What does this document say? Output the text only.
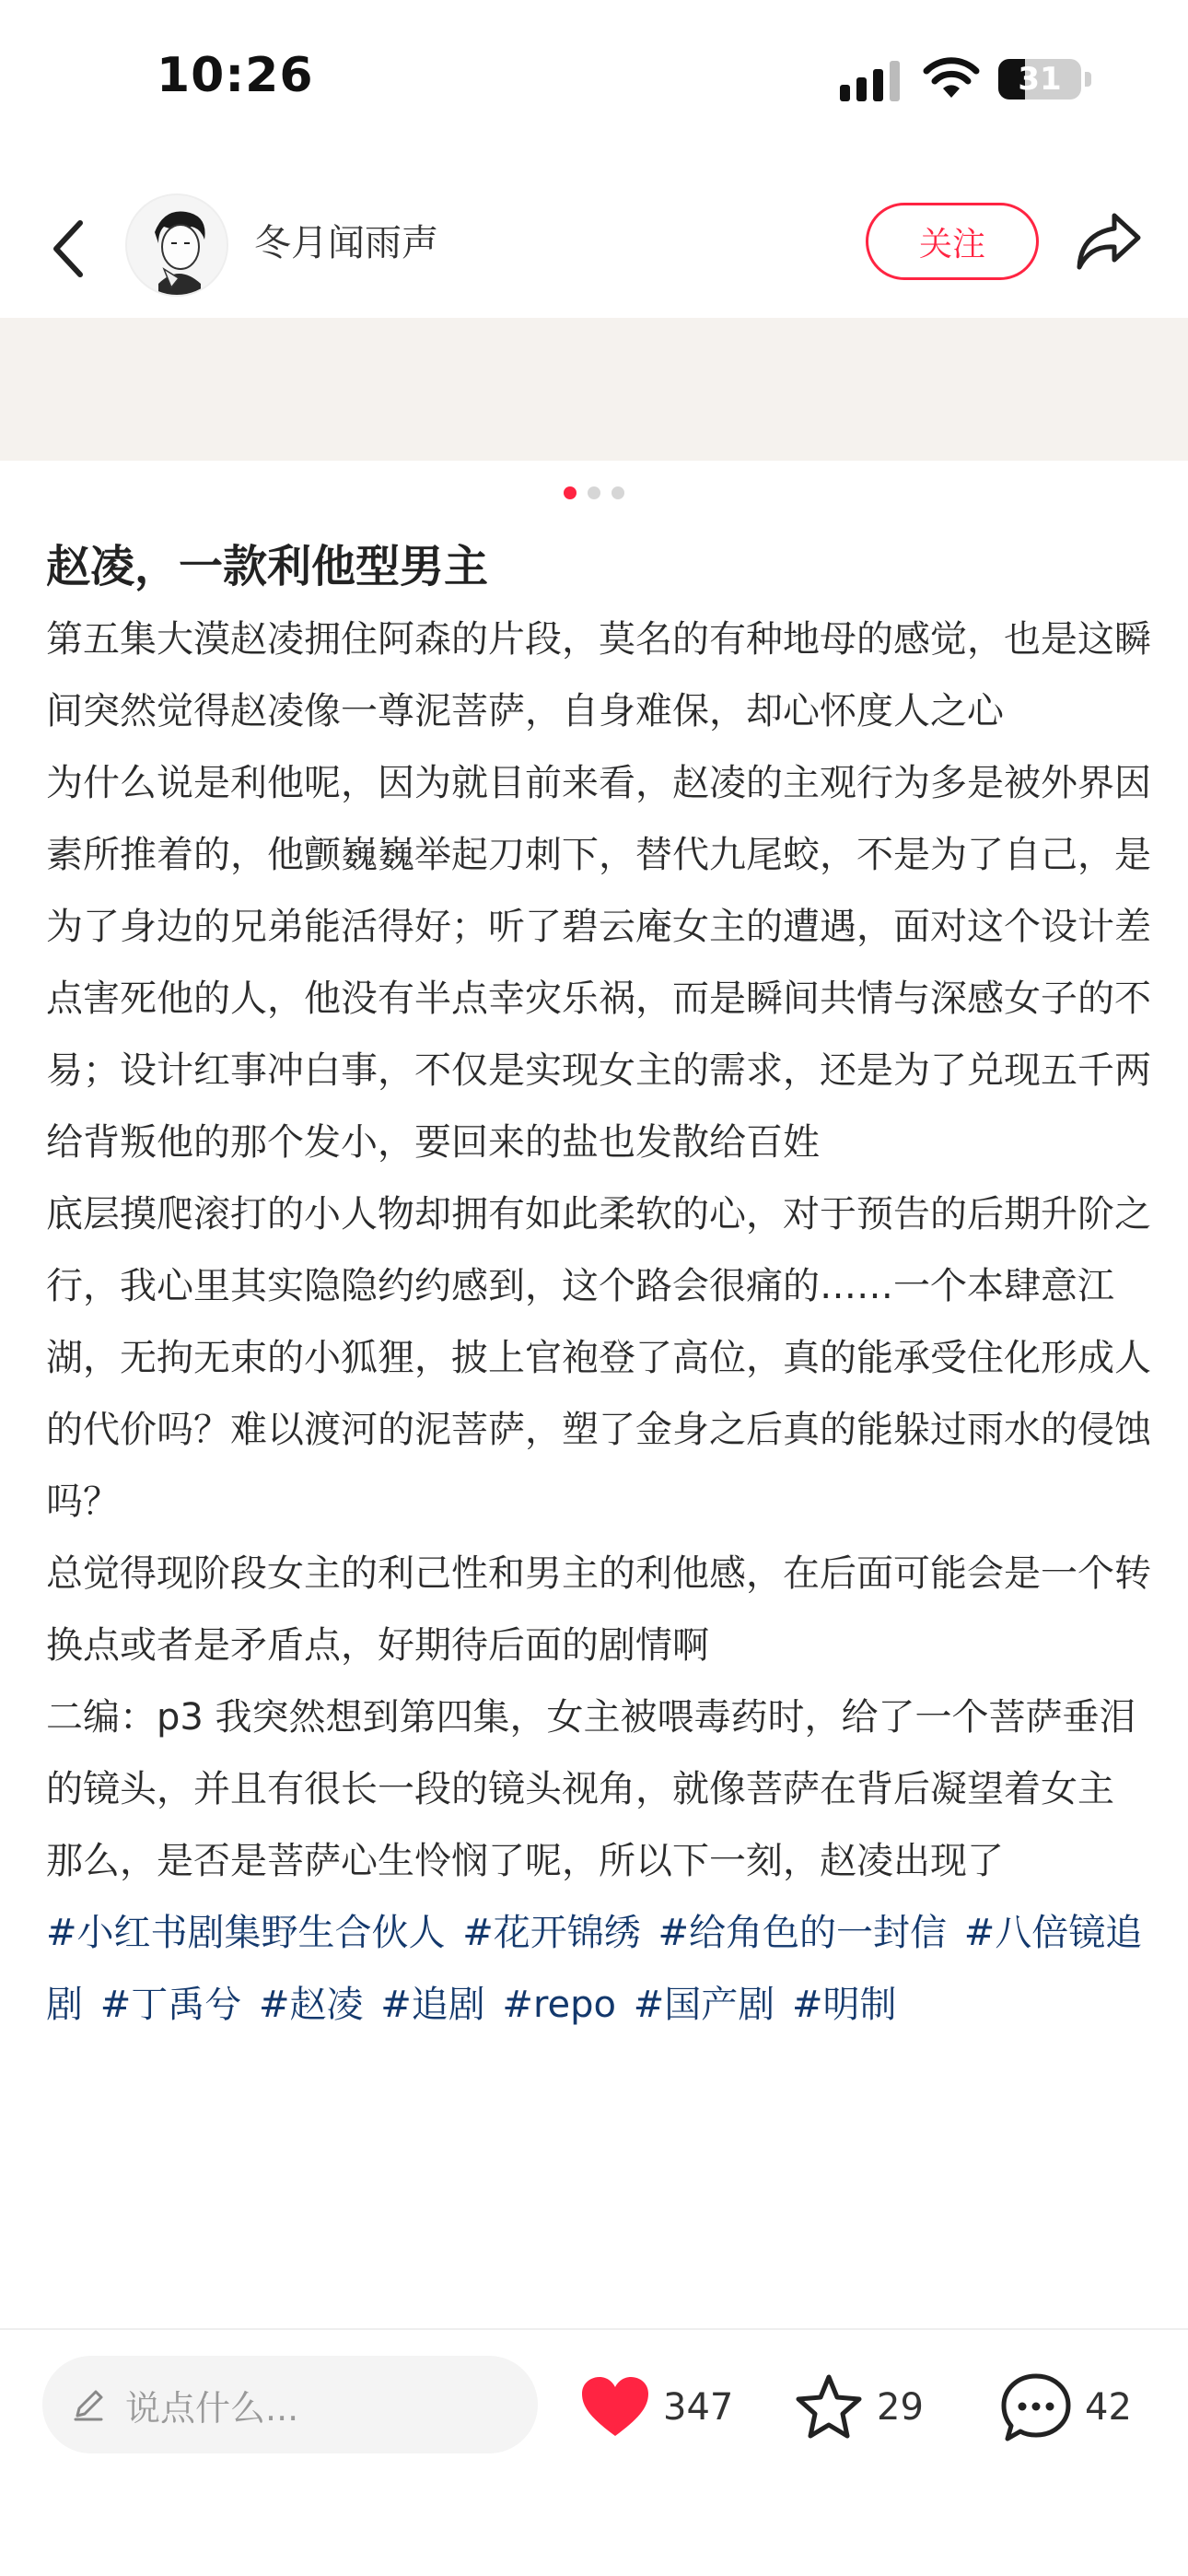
10:26	31
冬月闻雨声	关注
赵凌，一款利他型男主
第五集大漠赵凌拥住阿森的片段，莫名的有种地母的感觉，也是这瞬间突然觉得赵凌像一尊泥菩萨，自身难保，却心怀度人之心
为什么说是利他呢，因为就目前来看，赵凌的主观行为多是被外界因素所推着的，他颤巍巍举起刀刺下，替代九尾蛟，不是为了自己，是为了身边的兄弟能活得好；听了碧云庵女主的遭遇，面对这个设计差点害死他的人，他没有半点幸灾乐祸，而是瞬间共情与深感女子的不易；设计红事冲白事，不仅是实现女主的需求，还是为了兑现五千两给背叛他的那个发小，要回来的盐也发散给百姓
底层摸爬滚打的小人物却拥有如此柔软的心，对于预告的后期升阶之行，我心里其实隐隐约约感到，这个路会很痛的……一个本肆意江湖，无拘无束的小狐狸，披上官袍登了高位，真的能承受住化形成人的代价吗？难以渡河的泥菩萨，塑了金身之后真的能躲过雨水的侵蚀吗？
总觉得现阶段女主的利己性和男主的利他感，在后面可能会是一个转换点或者是矛盾点，好期待后面的剧情啊
二编：p3 我突然想到第四集，女主被喂毒药时，给了一个菩萨垂泪的镜头，并且有很长一段的镜头视角，就像菩萨在背后凝望着女主
那么，是否是菩萨心生怜悯了呢，所以下一刻，赵凌出现了
#小红书剧集野生合伙人 #花开锦绣 #给角色的一封信 #八倍镜追剧 #丁禹兮 #赵凌 #追剧 #repo #国产剧 #明制
说点什么...	347	29	42
